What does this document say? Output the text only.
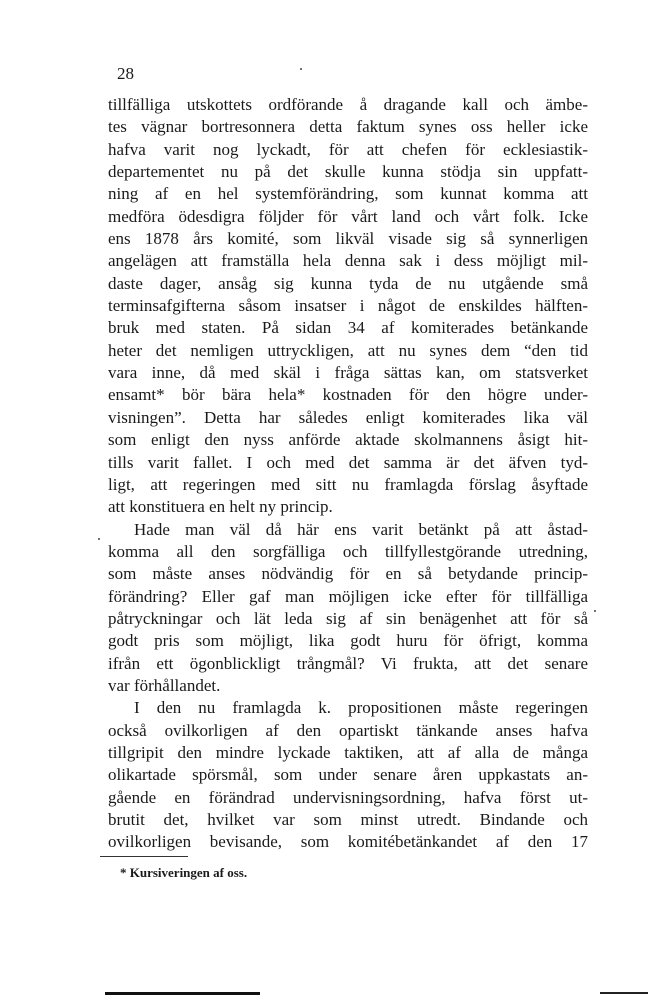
28
tillfälliga utskottets ordförande å dragande kall och ämbe-
tes vägnar bortresonnera detta faktum synes oss heller icke
hafva varit nog lyckadt, för att chefen för ecklesiastik-
departementet nu på det skulle kunna stödja sin uppfatt-
ning af en hel systemförändring, som kunnat komma att
medföra ödesdigra följder för vårt land och vårt folk. Icke
ens 1878 års komité, som likväl visade sig så synnerligen
angelägen att framställa hela denna sak i dess möjligt mil-
daste dager, ansåg sig kunna tyda de nu utgående små
terminsafgifterna såsom insatser i något de enskildes hälften-
bruk med staten. På sidan 34 af komiterades betänkande
heter det nemligen uttryckligen, att nu synes dem “den tid
vara inne, då med skäl i fråga sättas kan, om statsverket
ensamt* bör bära hela* kostnaden för den högre under-
visningen”. Detta har således enligt komiterades lika väl
som enligt den nyss anförde aktade skolmannens åsigt hit-
tills varit fallet. I och med det samma är det äfven tyd-
ligt, att regeringen med sitt nu framlagda förslag åsyftade
att konstituera en helt ny princip.
Hade man väl då här ens varit betänkt på att åstad-
komma all den sorgfälliga och tillfyllestgörande utredning,
som måste anses nödvändig för en så betydande princip-
förändring? Eller gaf man möjligen icke efter för tillfälliga
påtryckningar och lät leda sig af sin benägenhet att för så
godt pris som möjligt, lika godt huru för öfrigt, komma
ifrån ett ögonblickligt trångmål? Vi frukta, att det senare
var förhållandet.
I den nu framlagda k. propositionen måste regeringen
också ovilkorligen af den opartiskt tänkande anses hafva
tillgripit den mindre lyckade taktiken, att af alla de många
olikartade spörsmål, som under senare åren uppkastats an-
gående en förändrad undervisningsordning, hafva först ut-
brutit det, hvilket var som minst utredt. Bindande och
ovilkorligen bevisande, som komitébetänkandet af den 17
* Kursiveringen af oss.
